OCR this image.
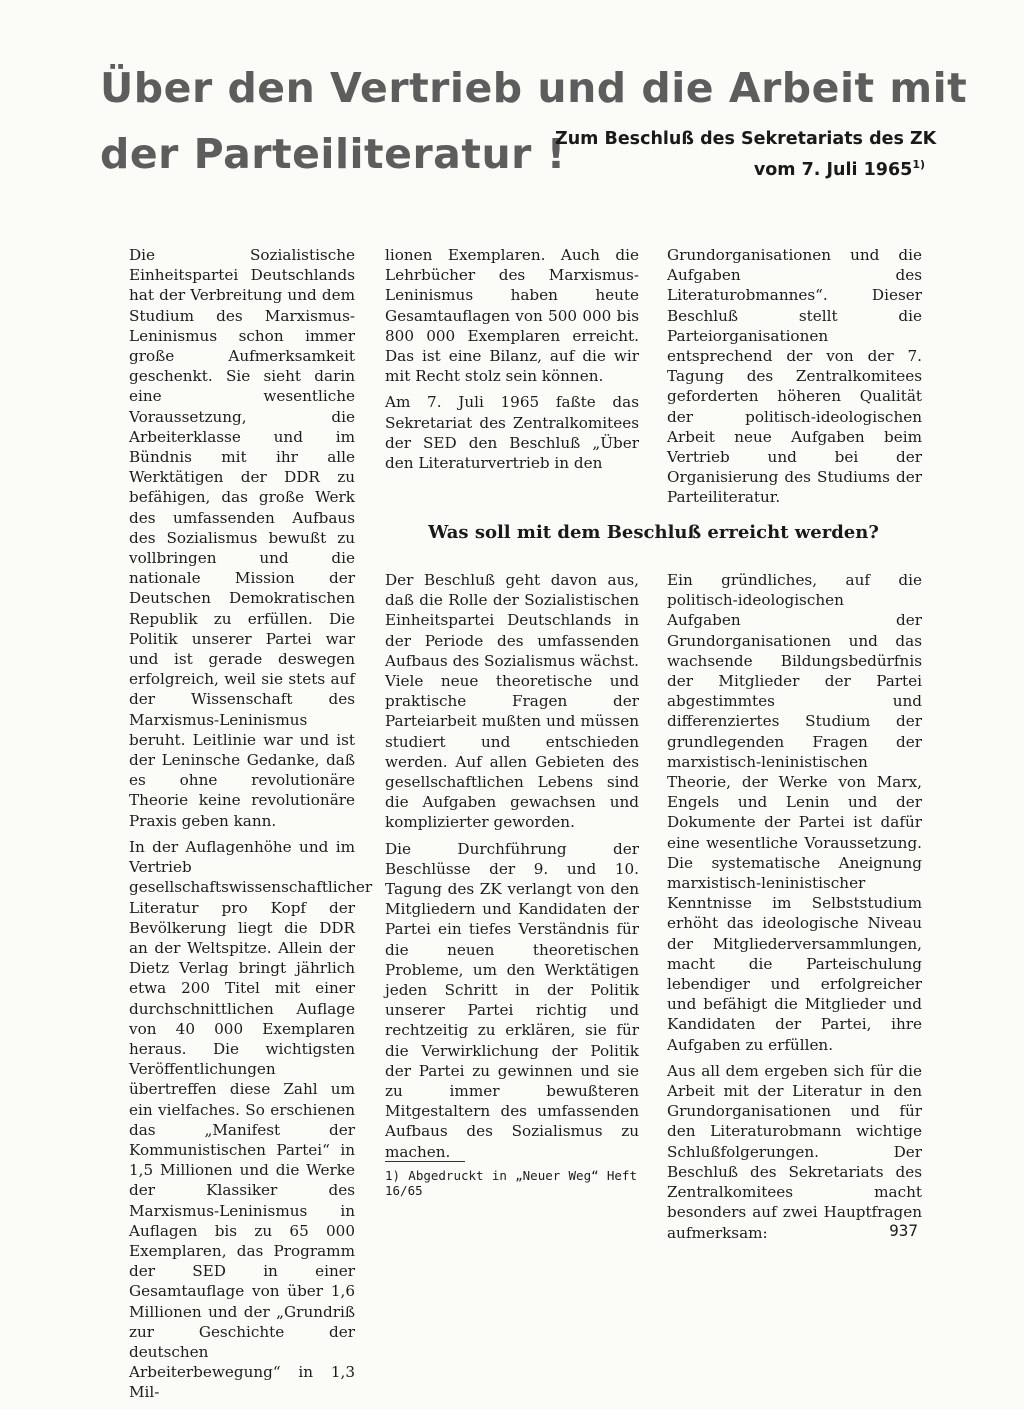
Über den Vertrieb und die Arbeit mit
der Parteiliteratur !
Zum Beschluß des Sekretariats des ZK
vom 7. Juli 1965$^{1)}$

Die Sozialistische Einheitspartei Deutschlands hat der Verbreitung und dem Studium des Marxismus-Leninismus schon immer große Aufmerksamkeit geschenkt. Sie sieht darin eine wesentliche Voraussetzung, die Arbeiterklasse und im Bündnis mit ihr alle Werktätigen der DDR zu befähigen, das große Werk des umfassenden Aufbaus des Sozialismus bewußt zu vollbringen und die nationale Mission der Deutschen Demokratischen Republik zu erfüllen. Die Politik unserer Partei war und ist gerade deswegen erfolgreich, weil sie stets auf der Wissenschaft des Marxismus-Leninismus beruht. Leitlinie war und ist der Leninsche Gedanke, daß es ohne revolutionäre Theorie keine revolutionäre Praxis geben kann.

In der Auflagenhöhe und im Vertrieb gesellschaftswissenschaftlicher Literatur pro Kopf der Bevölkerung liegt die DDR an der Weltspitze. Allein der Dietz Verlag bringt jährlich etwa 200 Titel mit einer durchschnittlichen Auflage von 40 000 Exemplaren heraus. Die wichtigsten Veröffentlichungen übertreffen diese Zahl um ein vielfaches. So erschienen das „Manifest der Kommunistischen Partei“ in 1,5 Millionen und die Werke der Klassiker des Marxismus-Leninismus in Auflagen bis zu 65 000 Exemplaren, das Programm der SED in einer Gesamtauflage von über 1,6 Millionen und der „Grundriß zur Geschichte der deutschen Arbeiterbewegung“ in 1,3 Mil-

lionen Exemplaren. Auch die Lehrbücher des Marxismus-Leninismus haben heute Gesamtauflagen von 500 000 bis 800 000 Exemplaren erreicht. Das ist eine Bilanz, auf die wir mit Recht stolz sein können.

Am 7. Juli 1965 faßte das Sekretariat des Zentralkomitees der SED den Beschluß „Über den Literaturvertrieb in den

Grundorganisationen und die Aufgaben des Literaturobmannes“. Dieser Beschluß stellt die Parteiorganisationen entsprechend der von der 7. Tagung des Zentralkomitees geforderten höheren Qualität der politisch-ideologischen Arbeit neue Aufgaben beim Vertrieb und bei der Organisierung des Studiums der Parteiliteratur.

Was soll mit dem Beschluß erreicht werden?

Der Beschluß geht davon aus, daß die Rolle der Sozialistischen Einheitspartei Deutschlands in der Periode des umfassenden Aufbaus des Sozialismus wächst. Viele neue theoretische und praktische Fragen der Parteiarbeit mußten und müssen studiert und entschieden werden. Auf allen Gebieten des gesellschaftlichen Lebens sind die Aufgaben gewachsen und komplizierter geworden.

Die Durchführung der Beschlüsse der 9. und 10. Tagung des ZK verlangt von den Mitgliedern und Kandidaten der Partei ein tiefes Verständnis für die neuen theoretischen Probleme, um den Werktätigen jeden Schritt in der Politik unserer Partei richtig und rechtzeitig zu erklären, sie für die Verwirklichung der Politik der Partei zu gewinnen und sie zu immer bewußteren Mitgestaltern des umfassenden Aufbaus des Sozialismus zu machen.

Ein gründliches, auf die politisch-ideologischen Aufgaben der Grundorganisationen und das wachsende Bildungsbedürfnis der Mitglieder der Partei abgestimmtes und differenziertes Studium der grundlegenden Fragen der marxistisch-leninistischen Theorie, der Werke von Marx, Engels und Lenin und der Dokumente der Partei ist dafür eine wesentliche Voraussetzung. Die systematische Aneignung marxistisch-leninistischer Kenntnisse im Selbststudium erhöht das ideologische Niveau der Mitgliederversammlungen, macht die Parteischulung lebendiger und erfolgreicher und befähigt die Mitglieder und Kandidaten der Partei, ihre Aufgaben zu erfüllen.

Aus all dem ergeben sich für die Arbeit mit der Literatur in den Grundorganisationen und für den Literaturobmann wichtige Schlußfolgerungen. Der Beschluß des Sekretariats des Zentralkomitees macht besonders auf zwei Hauptfragen aufmerksam:

1) Abgedruckt in „Neuer Weg“ Heft 16/65
937
